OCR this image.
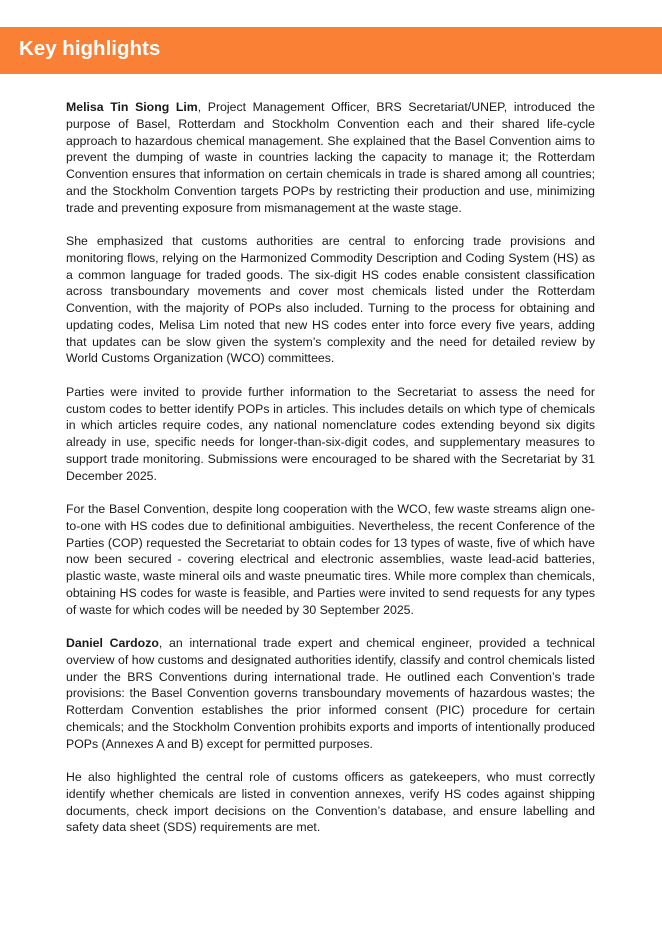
Key highlights

Melisa Tin Siong Lim, Project Management Officer, BRS Secretariat/UNEP, introduced the purpose of Basel, Rotterdam and Stockholm Convention each and their shared life-cycle approach to hazardous chemical management. She explained that the Basel Convention aims to prevent the dumping of waste in countries lacking the capacity to manage it; the Rotterdam Convention ensures that information on certain chemicals in trade is shared among all countries; and the Stockholm Convention targets POPs by restricting their production and use, minimizing trade and preventing exposure from mismanagement at the waste stage.

She emphasized that customs authorities are central to enforcing trade provisions and monitoring flows, relying on the Harmonized Commodity Description and Coding System (HS) as a common language for traded goods. The six-digit HS codes enable consistent classification across transboundary movements and cover most chemicals listed under the Rotterdam Convention, with the majority of POPs also included. Turning to the process for obtaining and updating codes, Melisa Lim noted that new HS codes enter into force every five years, adding that updates can be slow given the system’s complexity and the need for detailed review by World Customs Organization (WCO) committees.

Parties were invited to provide further information to the Secretariat to assess the need for custom codes to better identify POPs in articles. This includes details on which type of chemicals in which articles require codes, any national nomenclature codes extending beyond six digits already in use, specific needs for longer-than-six-digit codes, and supplementary measures to support trade monitoring. Submissions were encouraged to be shared with the Secretariat by 31 December 2025.

For the Basel Convention, despite long cooperation with the WCO, few waste streams align one-to-one with HS codes due to definitional ambiguities. Nevertheless, the recent Conference of the Parties (COP) requested the Secretariat to obtain codes for 13 types of waste, five of which have now been secured - covering electrical and electronic assemblies, waste lead-acid batteries, plastic waste, waste mineral oils and waste pneumatic tires. While more complex than chemicals, obtaining HS codes for waste is feasible, and Parties were invited to send requests for any types of waste for which codes will be needed by 30 September 2025.

Daniel Cardozo, an international trade expert and chemical engineer, provided a technical overview of how customs and designated authorities identify, classify and control chemicals listed under the BRS Conventions during international trade. He outlined each Convention’s trade provisions: the Basel Convention governs transboundary movements of hazardous wastes; the Rotterdam Convention establishes the prior informed consent (PIC) procedure for certain chemicals; and the Stockholm Convention prohibits exports and imports of intentionally produced POPs (Annexes A and B) except for permitted purposes.

He also highlighted the central role of customs officers as gatekeepers, who must correctly identify whether chemicals are listed in convention annexes, verify HS codes against shipping documents, check import decisions on the Convention’s database, and ensure labelling and safety data sheet (SDS) requirements are met.
